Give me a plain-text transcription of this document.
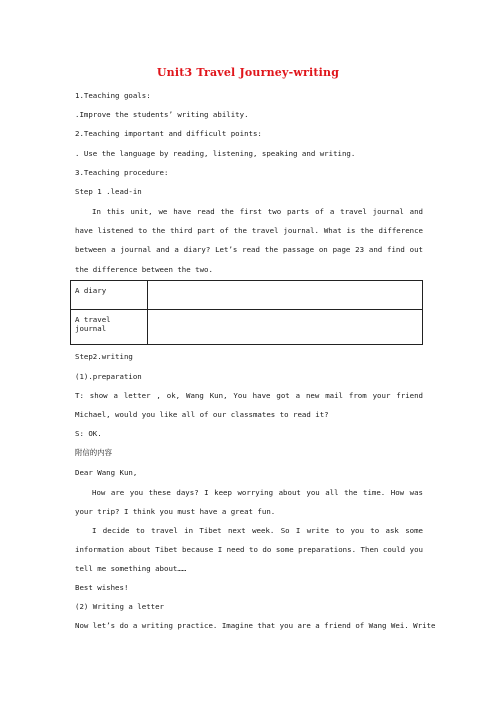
Unit3 Travel Journey-writing
1.Teaching goals:
.Improve the students’ writing ability.
2.Teaching important and difficult points:
. Use the language by reading, listening, speaking and writing.
3.Teaching procedure:
Step 1 .lead-in
In this unit, we have read the first two parts of a travel journal and have listened to the third part of the travel journal. What is the difference between a journal and a diary? Let’s read the passage on page 23 and find out the difference between the two.
A diary	
A travel journal	
Step2.writing
(1).preparation
T: show a letter , ok, Wang Kun, You have got a new mail from your friend Michael, would you like all of our classmates to read it?
S: OK.
附信的内容
Dear Wang Kun,
How are you these days? I keep worrying about you all the time. How was your trip? I think you must have a great fun.
I decide to travel in Tibet next week. So I write to you to ask some information about Tibet because I need to do some preparations. Then could you tell me something about……
Best wishes!
(2) Writing a letter
Now let’s do a writing practice. Imagine that you are a friend of Wang Wei. Write
